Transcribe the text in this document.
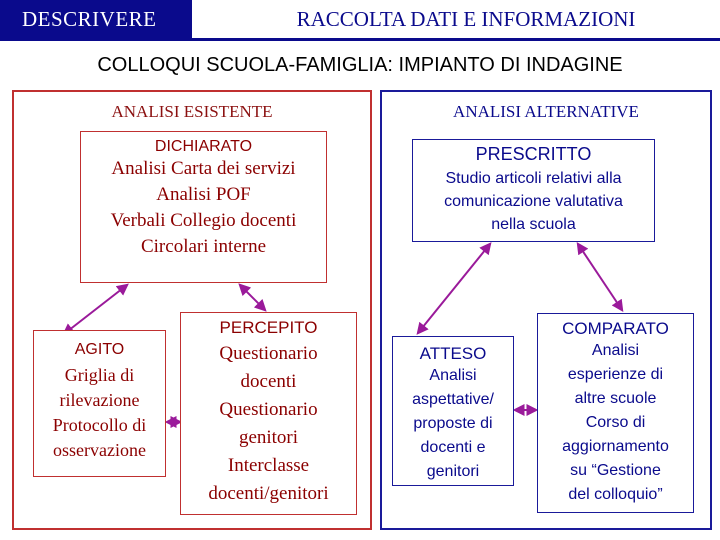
DESCRIVERE	RACCOLTA DATI E INFORMAZIONI
COLLOQUI SCUOLA-FAMIGLIA: IMPIANTO DI INDAGINE
ANALISI ESISTENTE	ANALISI ALTERNATIVE
DICHIARATO
Analisi Carta dei servizi
Analisi POF
Verbali Collegio docenti
Circolari interne
AGITO
Griglia di
rilevazione
Protocollo di
osservazione
PERCEPITO
Questionario
docenti
Questionario
genitori
Interclasse
docenti/genitori
PRESCRITTO
Studio articoli relativi alla
comunicazione valutativa
nella scuola
ATTESO
Analisi
aspettative/
proposte di
docenti e
genitori
COMPARATO
Analisi
esperienze di
altre scuole
Corso di
aggiornamento
su “Gestione
del colloquio”
